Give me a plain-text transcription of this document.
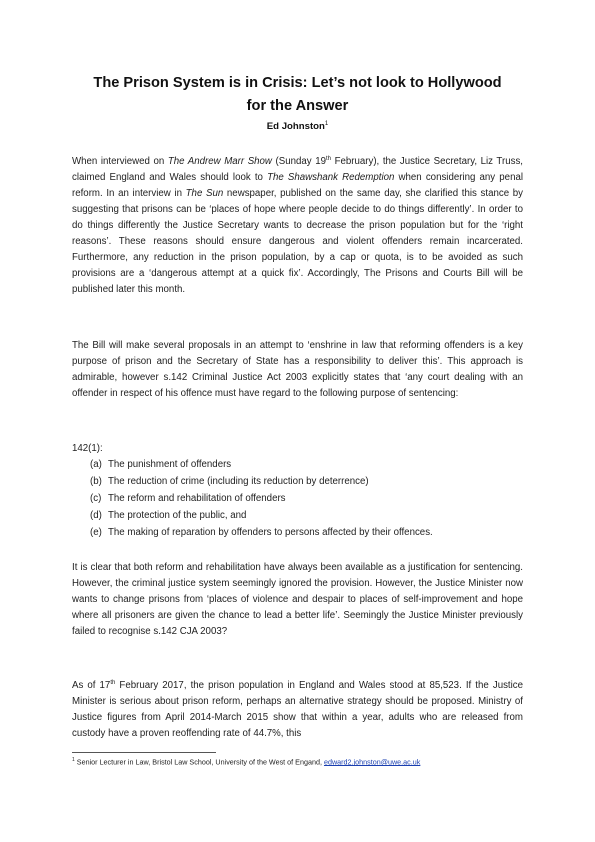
The Prison System is in Crisis: Let’s not look to Hollywood
for the Answer
Ed Johnston$^1$
When interviewed on The Andrew Marr Show (Sunday 19th February), the Justice Secretary, Liz Truss, claimed England and Wales should look to The Shawshank Redemption when considering any penal reform. In an interview in The Sun newspaper, published on the same day, she clarified this stance by suggesting that prisons can be ‘places of hope where people decide to do things differently’. In order to do things differently the Justice Secretary wants to decrease the prison population but for the ‘right reasons’. These reasons should ensure dangerous and violent offenders remain incarcerated. Furthermore, any reduction in the prison population, by a cap or quota, is to be avoided as such provisions are a ‘dangerous attempt at a quick fix’. Accordingly, The Prisons and Courts Bill will be published later this month.
The Bill will make several proposals in an attempt to ‘enshrine in law that reforming offenders is a key purpose of prison and the Secretary of State has a responsibility to deliver this’. This approach is admirable, however s.142 Criminal Justice Act 2003 explicitly states that ‘any court dealing with an offender in respect of his offence must have regard to the following purpose of sentencing:
142(1):
(a) The punishment of offenders
(b) The reduction of crime (including its reduction by deterrence)
(c) The reform and rehabilitation of offenders
(d) The protection of the public, and
(e) The making of reparation by offenders to persons affected by their offences.
It is clear that both reform and rehabilitation have always been available as a justification for sentencing. However, the criminal justice system seemingly ignored the provision. However, the Justice Minister now wants to change prisons from ‘places of violence and despair to places of self-improvement and hope where all prisoners are given the chance to lead a better life’. Seemingly the Justice Minister previously failed to recognise s.142 CJA 2003?
As of 17th February 2017, the prison population in England and Wales stood at 85,523. If the Justice Minister is serious about prison reform, perhaps an alternative strategy should be proposed. Ministry of Justice figures from April 2014-March 2015 show that within a year, adults who are released from custody have a proven reoffending rate of 44.7%, this
$^1$ Senior Lecturer in Law, Bristol Law School, University of the West of Engand, edward2.johnston@uwe.ac.uk
